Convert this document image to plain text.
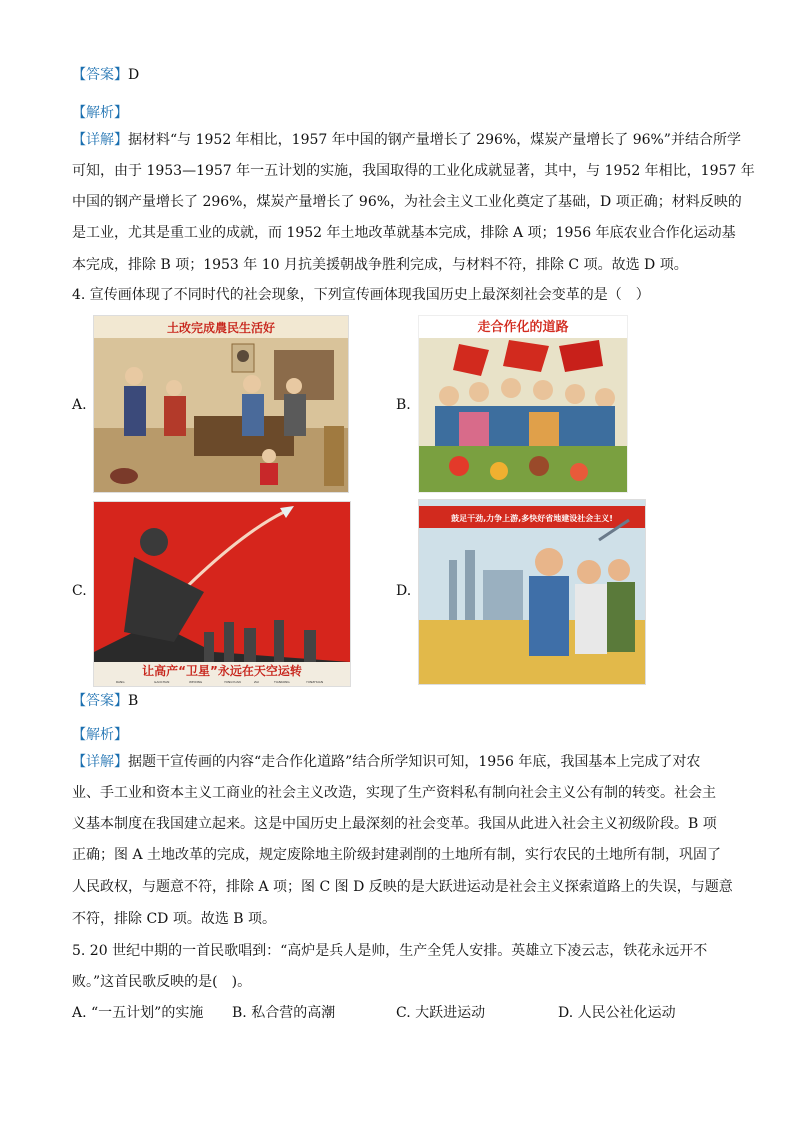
【答案】D
【解析】
【详解】据材料“与 1952 年相比，1957 年中国的钢产量增长了 296%，煤炭产量增长了 96%”并结合所学
可知，由于 1953—1957 年一五计划的实施，我国取得的工业化成就显著，其中，与 1952 年相比，1957 年
中国的钢产量增长了 296%，煤炭产量增长了 96%，为社会主义工业化奠定了基础，D 项正确；材料反映的
是工业，尤其是重工业的成就，而 1952 年土地改革就基本完成，排除 A 项；1956 年底农业合作化运动基
本完成，排除 B 项；1953 年 10 月抗美援朝战争胜利完成，与材料不符，排除 C 项。故选 D 项。
4. 宣传画体现了不同时代的社会现象，下列宣传画体现我国历史上最深刻社会变革的是（　）
A.
土改完成農民生活好
B.
走合作化的道路
C.
让高产“卫星”永远在天空运转
RANG	GAOCHAN	WEIXING	YONGYUAN	ZAI	TIANKONG	YUNZHUAN
D.
鼓足干劲,力争上游,多快好省地建设社会主义!
【答案】B
【解析】
【详解】据题干宣传画的内容“走合作化道路”结合所学知识可知，1956 年底，我国基本上完成了对农
业、手工业和资本主义工商业的社会主义改造，实现了生产资料私有制向社会主义公有制的转变。社会主
义基本制度在我国建立起来。这是中国历史上最深刻的社会变革。我国从此进入社会主义初级阶段。B 项
正确；图 A 土地改革的完成，规定废除地主阶级封建剥削的土地所有制，实行农民的土地所有制，巩固了
人民政权，与题意不符，排除 A 项；图 C 图 D 反映的是大跃进运动是社会主义探索道路上的失误，与题意
不符，排除 CD 项。故选 B 项。
5. 20 世纪中期的一首民歌唱到：“高炉是兵人是帅，生产全凭人安排。英雄立下凌云志，铁花永远开不
败。”这首民歌反映的是(　)。
A. “一五计划”的实施 B. 私合营的高潮	C. 大跃进运动	D. 人民公社化运动
